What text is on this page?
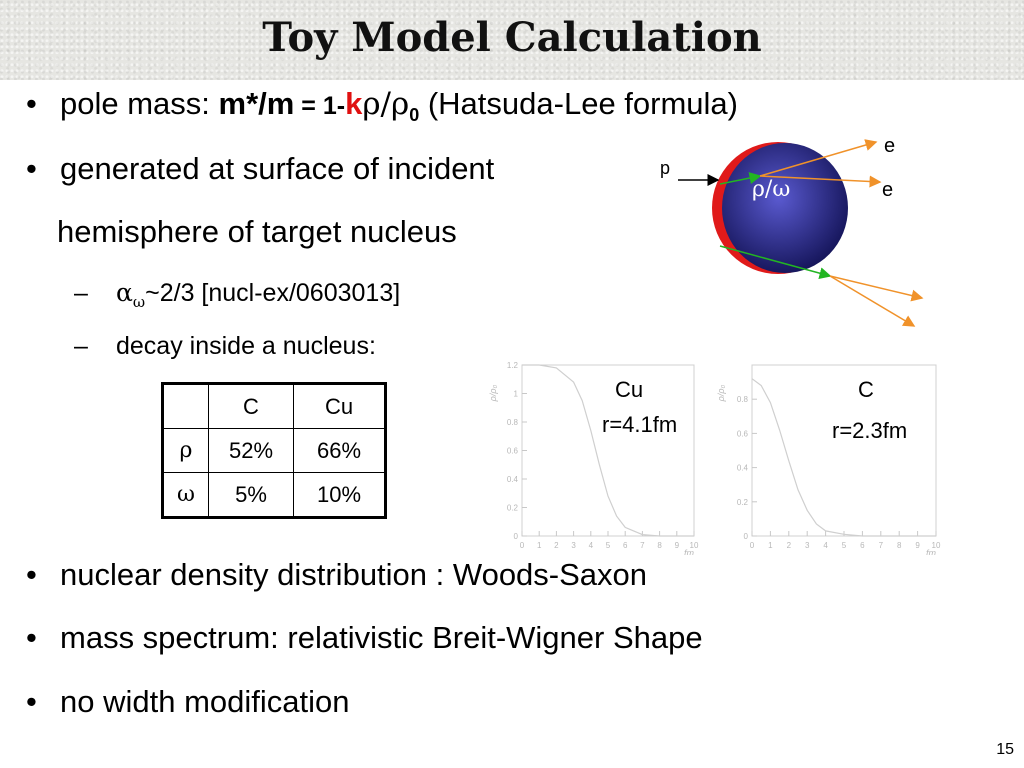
Toy Model Calculation
• pole mass: $m*/m = 1-k\rho/\rho_0$ (Hatsuda-Lee formula)
• generated at surface of incident
hemisphere of target nucleus
– $\alpha_\omega\sim 2/3$ [nucl-ex/0603013]
– decay inside a nucleus:
	C	Cu
ρ	52%	66%
ω	5%	10%
p
ρ/ω
e
e
0
0.2
0.4
0.6
0.8
1
1.2
0 1 2 3 4 5 6 7 8 9 10
fm
ρ/ρ₀
0
0.2
0.4
0.6
0.8
0 1 2 3 4 5 6 7 8 9 10
fm
ρ/ρ₀
Cu
r=4.1fm
C
r=2.3fm
• nuclear density distribution : Woods-Saxon
• mass spectrum: relativistic Breit-Wigner Shape
• no width modification
15
